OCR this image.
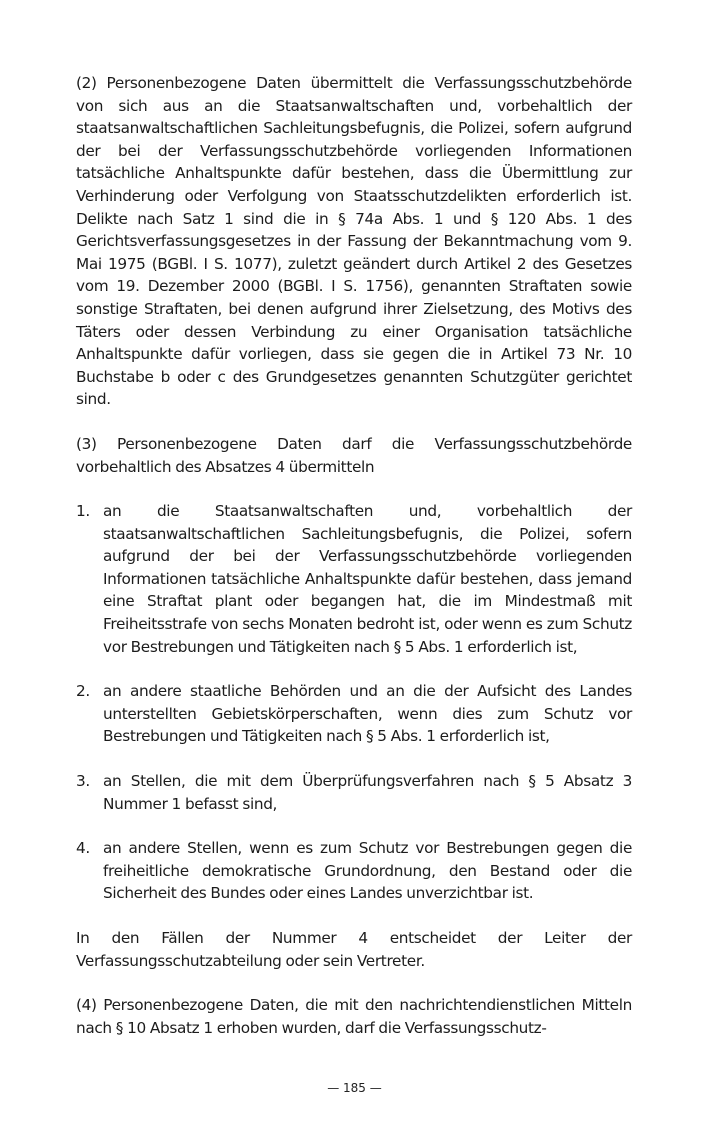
(2) Personenbezogene Daten übermittelt die Verfassungsschutzbehörde von sich aus an die Staatsanwaltschaften und, vorbehaltlich der staatsanwaltschaftlichen Sachleitungsbefugnis, die Polizei, sofern aufgrund der bei der Verfassungsschutzbehörde vorliegenden Informationen tatsächliche Anhaltspunkte dafür bestehen, dass die Übermittlung zur Verhinderung oder Verfolgung von Staatsschutzdelikten erforderlich ist. Delikte nach Satz 1 sind die in § 74a Abs. 1 und § 120 Abs. 1 des Gerichtsverfassungsgesetzes in der Fassung der Bekanntmachung vom 9. Mai 1975 (BGBl. I S. 1077), zuletzt geändert durch Artikel 2 des Gesetzes vom 19. Dezember 2000 (BGBl. I S. 1756), genannten Straftaten sowie sonstige Straftaten, bei denen aufgrund ihrer Zielsetzung, des Motivs des Täters oder dessen Verbindung zu einer Organisation tatsächliche Anhaltspunkte dafür vorliegen, dass sie gegen die in Artikel 73 Nr. 10 Buchstabe b oder c des Grundgesetzes genannten Schutzgüter gerichtet sind.

(3) Personenbezogene Daten darf die Verfassungsschutzbehörde vorbehaltlich des Absatzes 4 übermitteln

1. an die Staatsanwaltschaften und, vorbehaltlich der staatsanwaltschaftlichen Sachleitungsbefugnis, die Polizei, sofern aufgrund der bei der Verfassungsschutzbehörde vorliegenden Informationen tatsächliche Anhaltspunkte dafür bestehen, dass jemand eine Straftat plant oder begangen hat, die im Mindestmaß mit Freiheitsstrafe von sechs Monaten bedroht ist, oder wenn es zum Schutz vor Bestrebungen und Tätigkeiten nach § 5 Abs. 1 erforderlich ist,
2. an andere staatliche Behörden und an die der Aufsicht des Landes unterstellten Gebietskörperschaften, wenn dies zum Schutz vor Bestrebungen und Tätigkeiten nach § 5 Abs. 1 erforderlich ist,
3. an Stellen, die mit dem Überprüfungsverfahren nach § 5 Absatz 3 Nummer 1 befasst sind,
4. an andere Stellen, wenn es zum Schutz vor Bestrebungen gegen die freiheitliche demokratische Grundordnung, den Bestand oder die Sicherheit des Bundes oder eines Landes unverzichtbar ist.

In den Fällen der Nummer 4 entscheidet der Leiter der Verfassungsschutzabteilung oder sein Vertreter.

(4) Personenbezogene Daten, die mit den nachrichtendienstlichen Mitteln nach § 10 Absatz 1 erhoben wurden, darf die Verfassungsschutz-

— 185 —
